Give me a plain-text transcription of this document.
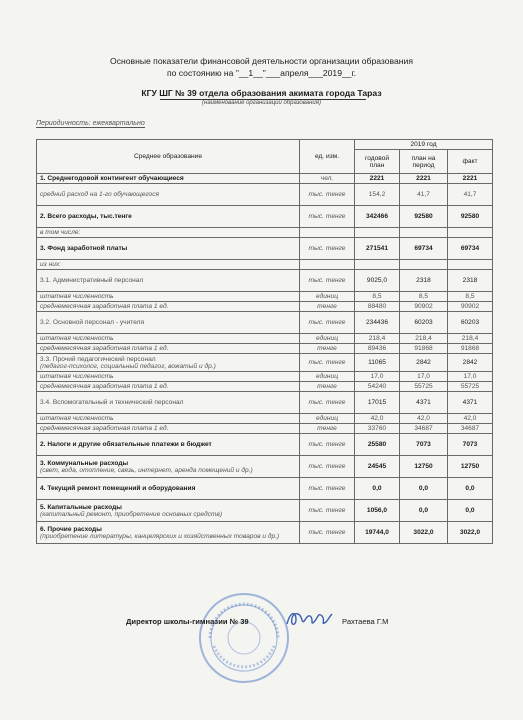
Основные показатели финансовой деятельности организации образования
по состоянию на "__1__"___апреля___2019__г.
КГУ ШГ № 39 отдела образования акимата города Тараз
(наименование организации образования)
Периодичность: ежеквартально
Среднее образование	ед. изм.	2019 год		
		годовой план	план на период	факт
1. Среднегодовой контингент обучающиеся	чел.	2221	2221	2221
средний расход на 1-го обучающегося	тыс. тенге	154,2	41,7	41,7
2. Всего расходы, тыс.тенге	тыс. тенге	342466	92580	92580
в том числе:				
3. Фонд заработной платы	тыс. тенге	271541	69734	69734
из них:				
3.1. Административный персонал	тыс. тенге	9025,0	2318	2318
штатная численность	единиц	8,5	8,5	8,5
среднемесячная заработная плата 1 ед.	тенге	88480	90902	90902
3.2. Основной персонал - учителя	тыс. тенге	234436	60203	60203
штатная численность	единиц	218,4	218,4	218,4
среднемесячная заработная плата 1 ед.	тенге	89436	91868	91868
3.3. Прочий педагогический персонал
(педагог-психолог, социальный педагог, вожатый и др.)	тыс. тенге	11065	2842	2842
штатная численность	единиц	17,0	17,0	17,0
среднемесячная заработная плата 1 ед.	тенге	54240	55725	55725
3.4. Вспомогательный и технический персонал	тыс. тенге	17015	4371	4371
штатная численность	единиц	42,0	42,0	42,0
среднемесячная заработная плата 1 ед.	тенге	33760	34687	34687
2. Налоги и другие обязательные платежи в бюджет	тыс. тенге	25580	7073	7073
3. Коммунальные расходы
(свет, вода, отопление, связь, интернет, аренда помещений и др.)	тыс. тенге	24545	12750	12750
4. Текущий ремонт помещений и оборудования	тыс. тенге	0,0	0,0	0,0
5. Капитальные расходы
(капитальный ремонт, приобретение основных средств)	тыс. тенге	1056,0	0,0	0,0
6. Прочие расходы
(приобретение литературы, канцелярских и хозяйственных товаров и др.)	тыс. тенге	19744,0	3022,0	3022,0
Директор школы-гимназии № 39	Рахтаева Г.М
